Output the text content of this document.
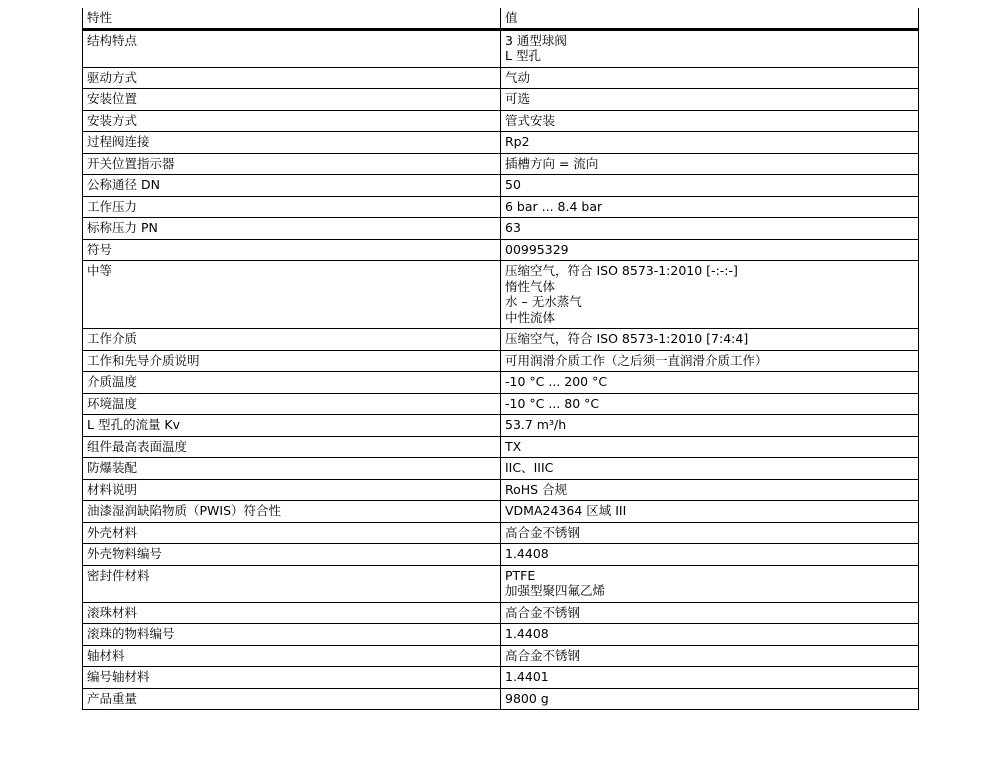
特性	值
结构特点	3 通型球阀
L 型孔

驱动方式	气动

安装位置	可选

安装方式	管式安装

过程阀连接	Rp2

开关位置指示器	插槽方向 = 流向

公称通径 DN	50

工作压力	6 bar ... 8.4 bar

标称压力 PN	63

符号	00995329

中等	压缩空气，符合 ISO 8573-1:2010 [-:-:-]
惰性气体
水 – 无水蒸气
中性流体

工作介质	压缩空气，符合 ISO 8573-1:2010 [7:4:4]

工作和先导介质说明	可用润滑介质工作（之后须一直润滑介质工作）

介质温度	-10 °C ... 200 °C

环境温度	-10 °C ... 80 °C

L 型孔的流量 Kv	53.7 m³/h

组件最高表面温度	TX

防爆装配	IIC、IIIC

材料说明	RoHS 合规

油漆湿润缺陷物质（PWIS）符合性	VDMA24364 区域 III

外壳材料	高合金不锈钢

外壳物料编号	1.4408

密封件材料	PTFE
加强型聚四氟乙烯

滚珠材料	高合金不锈钢

滚珠的物料编号	1.4408

轴材料	高合金不锈钢

编号轴材料	1.4401

产品重量	9800 g
